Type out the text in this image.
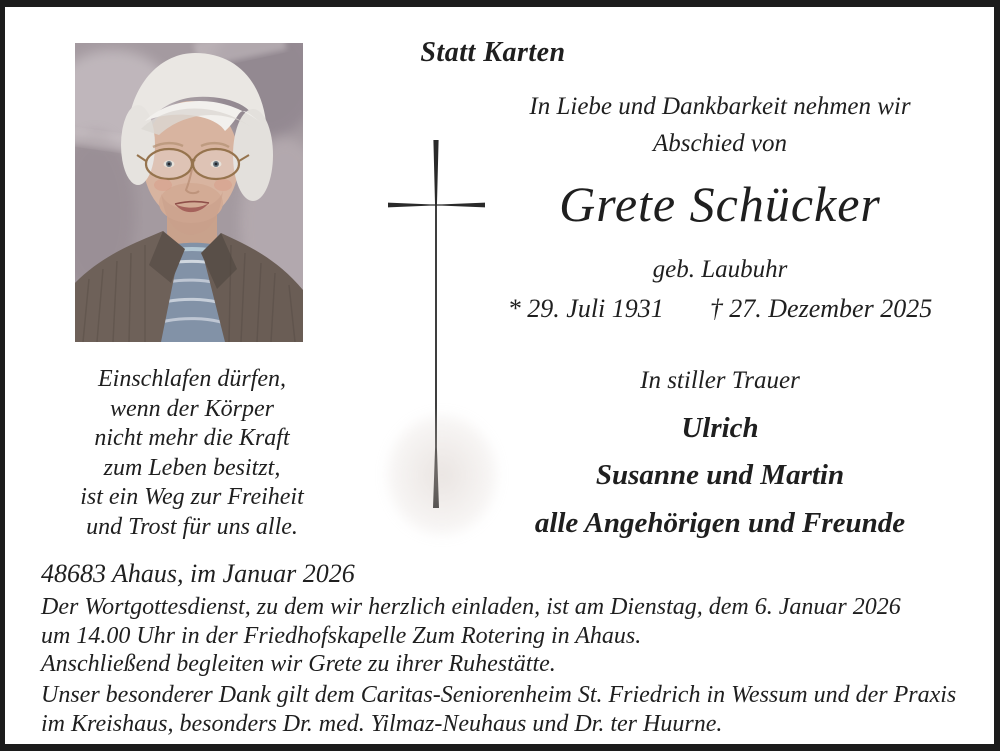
Statt Karten
In Liebe und Dankbarkeit nehmen wir
Abschied von
Grete Schücker
geb. Laubuhr
* 29. Juli 1931 † 27. Dezember 2025
In stiller Trauer
Ulrich
Susanne und Martin
alle Angehörigen und Freunde
Einschlafen dürfen,
wenn der Körper
nicht mehr die Kraft
zum Leben besitzt,
ist ein Weg zur Freiheit
und Trost für uns alle.
48683 Ahaus, im Januar 2026
Der Wortgottesdienst, zu dem wir herzlich einladen, ist am Dienstag, dem 6. Januar 2026
um 14.00 Uhr in der Friedhofskapelle Zum Rotering in Ahaus.
Anschließend begleiten wir Grete zu ihrer Ruhestätte.
Unser besonderer Dank gilt dem Caritas-Seniorenheim St. Friedrich in Wessum und der Praxis
im Kreishaus, besonders Dr. med. Yilmaz-Neuhaus und Dr. ter Huurne.
